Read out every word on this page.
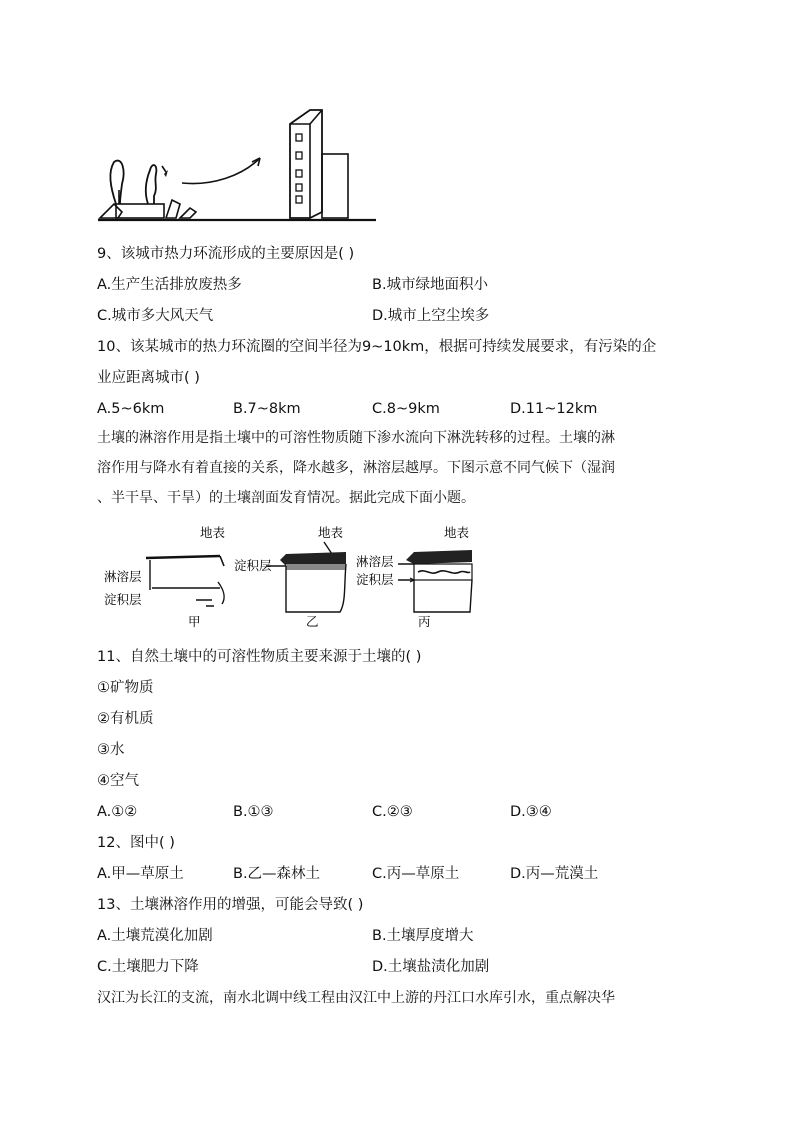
9、该城市热力环流形成的主要原因是( )
A.生产生活排放废热多	B.城市绿地面积小
C.城市多大风天气	D.城市上空尘埃多
10、该某城市的热力环流圈的空间半径为9~10km，根据可持续发展要求，有污染的企
业应距离城市( )
A.5~6km	B.7~8km	C.8~9km	D.11~12km
土壤的淋溶作用是指土壤中的可溶性物质随下渗水流向下淋洗转移的过程。土壤的淋
溶作用与降水有着直接的关系，降水越多，淋溶层越厚。下图示意不同气候下（湿润
、半干旱、干旱）的土壤剖面发育情况。据此完成下面小题。
地表
淋溶层
淀积层
甲
地表
淀积层
乙
地表
淋溶层
淀积层
丙
11、自然土壤中的可溶性物质主要来源于土壤的( )
①矿物质
②有机质
③水
④空气
A.①②	B.①③	C.②③	D.③④
12、图中( )
A.甲—草原土	B.乙—森林土	C.丙—草原土	D.丙—荒漠土
13、土壤淋溶作用的增强，可能会导致( )
A.土壤荒漠化加剧	B.土壤厚度增大
C.土壤肥力下降	D.土壤盐渍化加剧
汉江为长江的支流，南水北调中线工程由汉江中上游的丹江口水库引水，重点解决华
